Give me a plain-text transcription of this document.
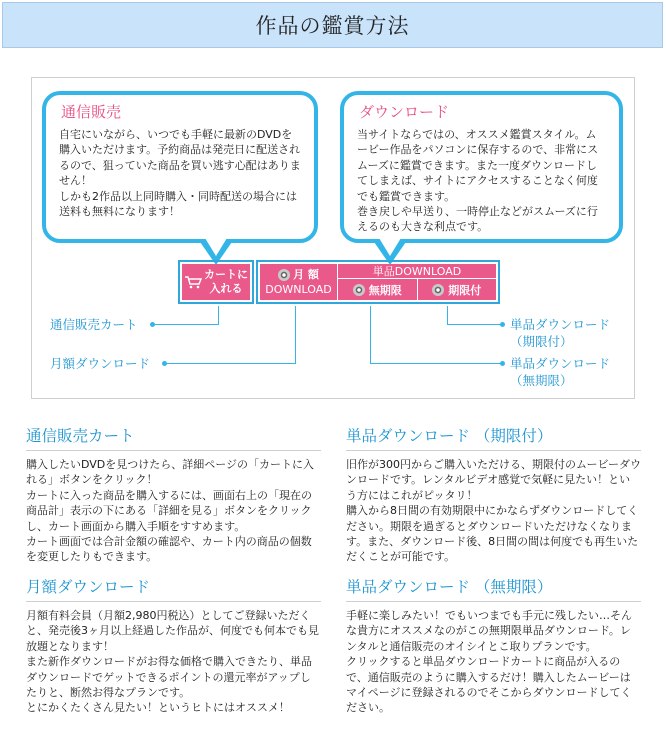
作品の鑑賞方法
通信販売

自宅にいながら、いつでも手軽に最新のDVDを購入いただけます。予約商品は発売日に配送されるので、狙っていた商品を買い逃す心配はありません！
しかも2作品以上同時購入・同時配送の場合には送料も無料になります！

ダウンロード

当サイトならではの、オススメ鑑賞スタイル。ムービー作品をパソコンに保存するので、非常にスムーズに鑑賞できます。また一度ダウンロードしてしまえば、サイトにアクセスすることなく何度でも鑑賞できます。
巻き戻しや早送り、一時停止などがスムーズに行えるのも大きな利点です。

カートに
入れる
月 額
DOWNLOAD
単品DOWNLOAD
無期限	期限付
通信販売カート
月額ダウンロード
単品ダウンロード
（期限付）
単品ダウンロード
（無期限）
通信販売カート

購入したいDVDを見つけたら、詳細ページの「カートに入れる」ボタンをクリック！
カートに入った商品を購入するには、画面右上の「現在の商品計」表示の下にある「詳細を見る」ボタンをクリックし、カート画面から購入手順をすすめます。
カート画面では合計金額の確認や、カート内の商品の個数を変更したりもできます。

単品ダウンロード （期限付）

旧作が300円からご購入いただける、期限付のムービーダウンロードです。レンタルビデオ感覚で気軽に見たい！という方にはこれがピッタリ！
購入から8日間の有効期限中にかならずダウンロードしてください。期限を過ぎるとダウンロードいただけなくなります。また、ダウンロード後、8日間の間は何度でも再生いただくことが可能です。

月額ダウンロード

月額有料会員（月額2,980円税込）としてご登録いただくと、発売後3ヶ月以上経過した作品が、何度でも何本でも見放題となります！
また新作ダウンロードがお得な価格で購入できたり、単品ダウンロードでゲットできるポイントの還元率がアップしたりと、断然お得なプランです。
とにかくたくさん見たい！というヒトにはオススメ！

単品ダウンロード （無期限）

手軽に楽しみたい！でもいつまでも手元に残したい…そんな貴方にオススメなのがこの無期限単品ダウンロード。レンタルと通信販売のオイシイとこ取りプランです。
クリックすると単品ダウンロードカートに商品が入るので、通信販売のように購入するだけ！購入したムービーはマイページに登録されるのでそこからダウンロードしてください。
